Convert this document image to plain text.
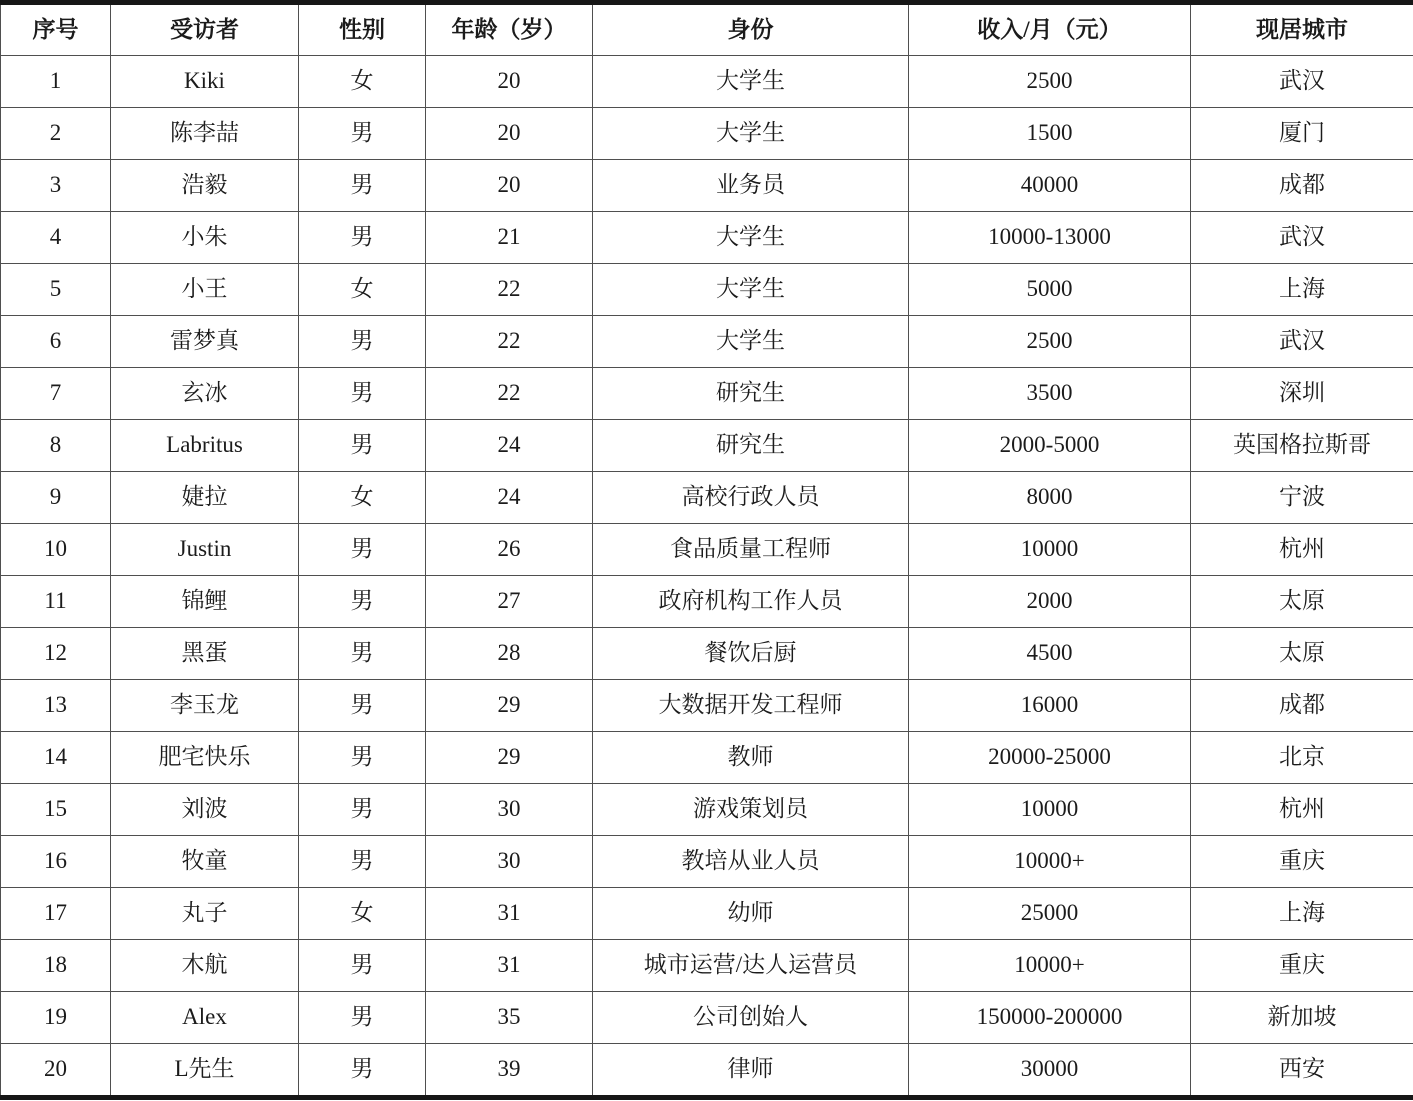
序号	受访者	性别	年龄（岁）	身份	收入/月（元）	现居城市
1	Kiki	女	20	大学生	2500	武汉
2	陈李喆	男	20	大学生	1500	厦门
3	浩毅	男	20	业务员	40000	成都
4	小朱	男	21	大学生	10000-13000	武汉
5	小王	女	22	大学生	5000	上海
6	雷梦真	男	22	大学生	2500	武汉
7	玄冰	男	22	研究生	3500	深圳
8	Labritus	男	24	研究生	2000-5000	英国格拉斯哥
9	婕拉	女	24	高校行政人员	8000	宁波
10	Justin	男	26	食品质量工程师	10000	杭州
11	锦鲤	男	27	政府机构工作人员	2000	太原
12	黑蛋	男	28	餐饮后厨	4500	太原
13	李玉龙	男	29	大数据开发工程师	16000	成都
14	肥宅快乐	男	29	教师	20000-25000	北京
15	刘波	男	30	游戏策划员	10000	杭州
16	牧童	男	30	教培从业人员	10000+	重庆
17	丸子	女	31	幼师	25000	上海
18	木航	男	31	城市运营/达人运营员	10000+	重庆
19	Alex	男	35	公司创始人	150000-200000	新加坡
20	L先生	男	39	律师	30000	西安
